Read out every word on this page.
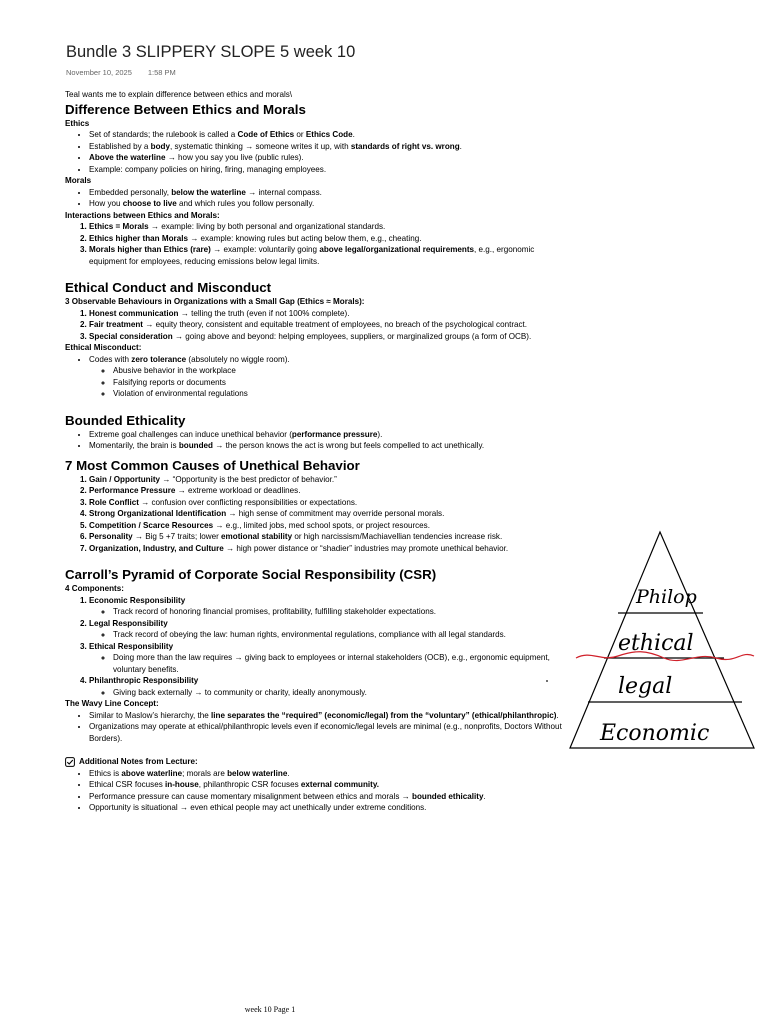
Bundle 3 SLIPPERY SLOPE 5 week 10
November 10, 2025 1:58 PM

Teal wants me to explain difference between ethics and morals\

Difference Between Ethics and Morals

Ethics

• Set of standards; the rulebook is called a Code of Ethics or Ethics Code.
• Established by a body, systematic thinking → someone writes it up, with standards of right vs. wrong.
• Above the waterline → how you say you live (public rules).
• Example: company policies on hiring, firing, managing employees.

Morals

• Embedded personally, below the waterline → internal compass.
• How you choose to live and which rules you follow personally.

Interactions between Ethics and Morals:

1. Ethics = Morals → example: living by both personal and organizational standards.
2. Ethics higher than Morals → example: knowing rules but acting below them, e.g., cheating.
3. Morals higher than Ethics (rare) → example: voluntarily going above legal/organizational requirements, e.g., ergonomic equipment for employees, reducing emissions below legal limits.
Ethical Conduct and Misconduct

3 Observable Behaviours in Organizations with a Small Gap (Ethics ≈ Morals):

1. Honest communication → telling the truth (even if not 100% complete).
2. Fair treatment → equity theory, consistent and equitable treatment of employees, no breach of the psychological contract.
3. Special consideration → going above and beyond: helping employees, suppliers, or marginalized groups (a form of OCB).

Ethical Misconduct:

• Codes with zero tolerance (absolutely no wiggle room).
◦ Abusive behavior in the workplace
◦ Falsifying reports or documents
◦ Violation of environmental regulations
Bounded Ethicality
• Extreme goal challenges can induce unethical behavior (performance pressure).
• Momentarily, the brain is bounded → the person knows the act is wrong but feels compelled to act unethically.
7 Most Common Causes of Unethical Behavior
1. Gain / Opportunity → “Opportunity is the best predictor of behavior.”
2. Performance Pressure → extreme workload or deadlines.
3. Role Conflict → confusion over conflicting responsibilities or expectations.
4. Strong Organizational Identification → high sense of commitment may override personal morals.
5. Competition / Scarce Resources → e.g., limited jobs, med school spots, or project resources.
6. Personality → Big 5 +7 traits; lower emotional stability or high narcissism/Machiavellian tendencies increase risk.
7. Organization, Industry, and Culture → high power distance or “shadier” industries may promote unethical behavior.
Carroll’s Pyramid of Corporate Social Responsibility (CSR)

4 Components:

1. Economic Responsibility
◦ Track record of honoring financial promises, profitability, fulfilling stakeholder expectations.
2. Legal Responsibility
◦ Track record of obeying the law: human rights, environmental regulations, compliance with all legal standards.
3. Ethical Responsibility
◦ Doing more than the law requires → giving back to employees or internal stakeholders (OCB), e.g., ergonomic equipment, voluntary benefits.
4. Philanthropic Responsibility
◦ Giving back externally → to community or charity, ideally anonymously.

The Wavy Line Concept:

• Similar to Maslow’s hierarchy, the line separates the “required” (economic/legal) from the “voluntary” (ethical/philanthropic).
• Organizations may operate at ethical/philanthropic levels even if economic/legal levels are minimal (e.g., nonprofits, Doctors Without Borders).
Additional Notes from Lecture:
• Ethics is above waterline; morals are below waterline.
• Ethical CSR focuses in-house, philanthropic CSR focuses external community.
• Performance pressure can cause momentary misalignment between ethics and morals → bounded ethicality.
• Opportunity is situational → even ethical people may act unethically under extreme conditions.
Philop
ethical
legal
Economic
week 10 Page 1
